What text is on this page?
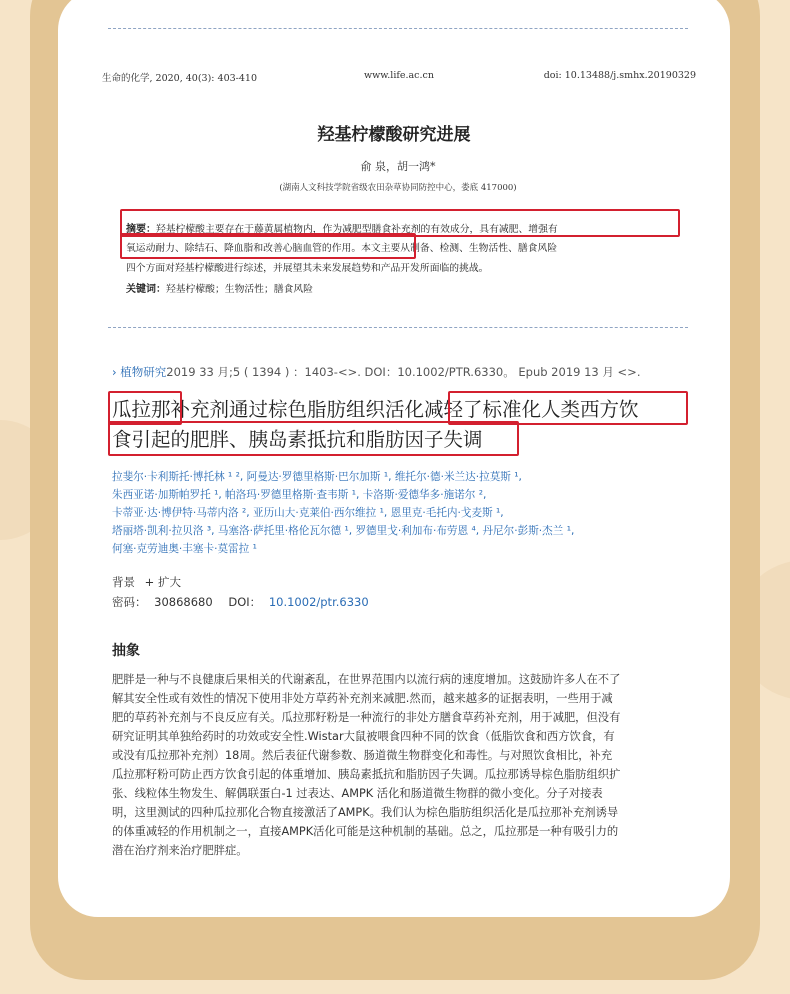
生命的化学, 2020, 40(3): 403-410	www.life.ac.cn	doi: 10.13488/j.smhx.20190329
羟基柠檬酸研究进展
俞 泉，胡一鸿*
(湖南人文科技学院省级农田杂草协同防控中心，娄底 417000)
摘要：羟基柠檬酸主要存在于藤黄属植物内，作为减肥型膳食补充剂的有效成分，具有减肥、增强有
氧运动耐力、除结石、降血脂和改善心脑血管的作用。本文主要从制备、检测、生物活性、膳食风险
四个方面对羟基柠檬酸进行综述，并展望其未来发展趋势和产品开发所面临的挑战。
关键词：羟基柠檬酸；生物活性；膳食风险
› 植物研究2019 33 月;5 ( 1394 ) ：1403-<>. DOI：10.1002/PTR.6330。 Epub 2019 13 月 <>.
瓜拉那补充剂通过棕色脂肪组织活化减轻了标准化人类西方饮
食引起的肥胖、胰岛素抵抗和脂肪因子失调
拉斐尔·卡利斯托·博托林 ¹ ², 阿曼达·罗德里格斯·巴尔加斯 ¹, 维托尔·德·米兰达·拉莫斯 ¹,
朱西亚诺·加斯帕罗托 ¹, 帕洛玛·罗德里格斯·查韦斯 ¹, 卡洛斯·爱德华多·施诺尔 ²,
卡蒂亚·达·博伊特·马蒂内洛 ², 亚历山大·克莱伯·西尔维拉 ¹, 恩里克·毛托内·戈麦斯 ¹,
塔丽塔·凯利·拉贝洛 ³, 马塞洛·萨托里·格伦瓦尔德 ¹, 罗德里戈·利加布·布劳恩 ⁴, 丹尼尔·彭斯·杰兰 ¹,
何塞·克劳迪奥·丰塞卡·莫雷拉 ¹
背景 + 扩大
密码： 30868680 DOI： 10.1002/ptr.6330
抽象
肥胖是一种与不良健康后果相关的代谢紊乱，在世界范围内以流行病的速度增加。这鼓励许多人在不了
解其安全性或有效性的情况下使用非处方草药补充剂来减肥.然而，越来越多的证据表明，一些用于减
肥的草药补充剂与不良反应有关。瓜拉那籽粉是一种流行的非处方膳食草药补充剂，用于减肥，但没有
研究证明其单独给药时的功效或安全性.Wistar大鼠被喂食四种不同的饮食（低脂饮食和西方饮食，有
或没有瓜拉那补充剂）18周。然后表征代谢参数、肠道微生物群变化和毒性。与对照饮食相比，补充
瓜拉那籽粉可防止西方饮食引起的体重增加、胰岛素抵抗和脂肪因子失调。瓜拉那诱导棕色脂肪组织扩
张、线粒体生物发生、解偶联蛋白-1 过表达、AMPK 活化和肠道微生物群的微小变化。分子对接表
明，这里测试的四种瓜拉那化合物直接激活了AMPK。我们认为棕色脂肪组织活化是瓜拉那补充剂诱导
的体重减轻的作用机制之一，直接AMPK活化可能是这种机制的基础。总之，瓜拉那是一种有吸引力的
潜在治疗剂来治疗肥胖症。
